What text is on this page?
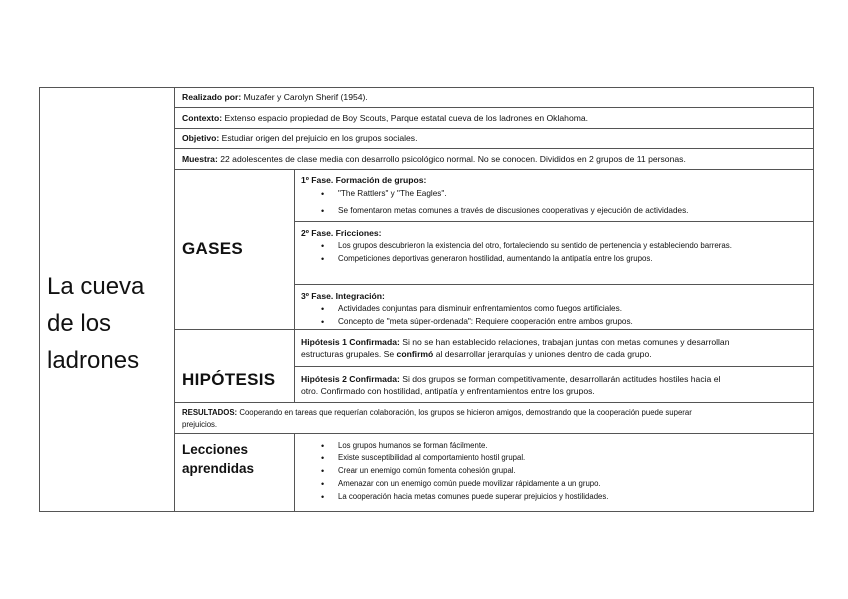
La cueva de los ladrones
Realizado por: Muzafer y Carolyn Sherif (1954).
Contexto: Extenso espacio propiedad de Boy Scouts, Parque estatal cueva de los ladrones en Oklahoma.
Objetivo: Estudiar origen del prejuicio en los grupos sociales.
Muestra: 22 adolescentes de clase media con desarrollo psicológico normal. No se conocen. Divididos en 2 grupos de 11 personas.
GASES
1º Fase. Formación de grupos:
• "The Rattlers" y "The Eagles".
• Se fomentaron metas comunes a través de discusiones cooperativas y ejecución de actividades.
2º Fase. Fricciones:
• Los grupos descubrieron la existencia del otro, fortaleciendo su sentido de pertenencia y estableciendo barreras.
• Competiciones deportivas generaron hostilidad, aumentando la antipatía entre los grupos.
3º Fase. Integración:
• Actividades conjuntas para disminuir enfrentamientos como fuegos artificiales.
• Concepto de "meta súper-ordenada": Requiere cooperación entre ambos grupos.
HIPÓTESIS
Hipótesis 1 Confirmada: Si no se han establecido relaciones, trabajan juntas con metas comunes y desarrollan
estructuras grupales. Se confirmó al desarrollar jerarquías y uniones dentro de cada grupo.
Hipótesis 2 Confirmada: Si dos grupos se forman competitivamente, desarrollarán actitudes hostiles hacia el
otro. Confirmado con hostilidad, antipatía y enfrentamientos entre los grupos.
RESULTADOS: Cooperando en tareas que requerían colaboración, los grupos se hicieron amigos, demostrando que la cooperación puede superar
prejuicios.
Lecciones
aprendidas
• Los grupos humanos se forman fácilmente.
• Existe susceptibilidad al comportamiento hostil grupal.
• Crear un enemigo común fomenta cohesión grupal.
• Amenazar con un enemigo común puede movilizar rápidamente a un grupo.
• La cooperación hacia metas comunes puede superar prejuicios y hostilidades.
